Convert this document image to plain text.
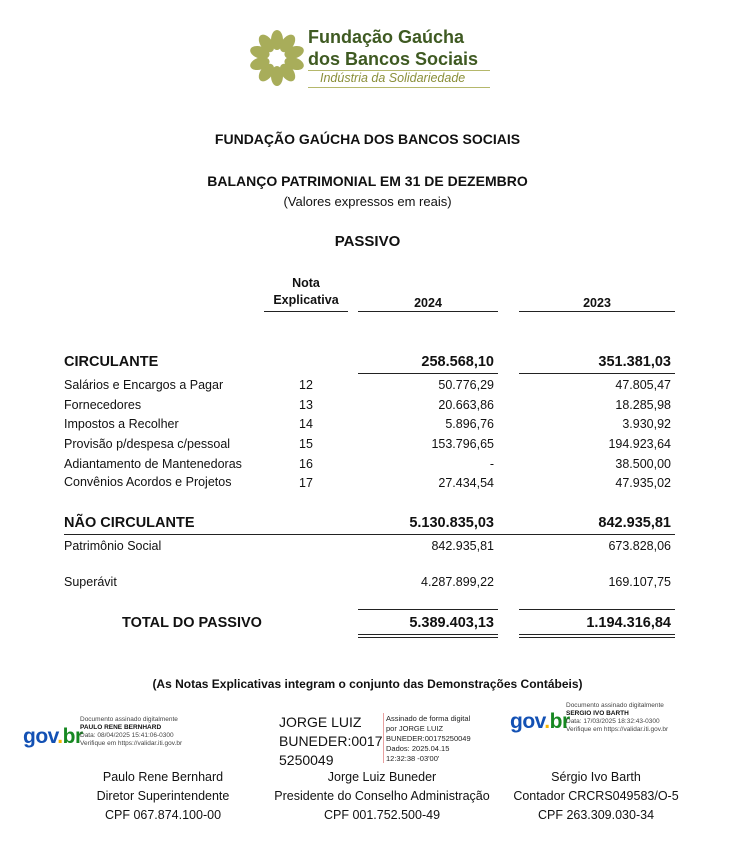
Fundação Gaúcha
dos Bancos Sociais
Indústria da Solidariedade
FUNDAÇÃO GAÚCHA DOS BANCOS SOCIAIS
BALANÇO PATRIMONIAL EM 31 DE DEZEMBRO
(Valores expressos em reais)
PASSIVO
Nota
Explicativa	2024	2023
CIRCULANTE	258.568,10	351.381,03
Salários e Encargos a Pagar	12	50.776,29	47.805,47
Fornecedores	13	20.663,86	18.285,98
Impostos a Recolher	14	5.896,76	3.930,92
Provisão p/despesa c/pessoal	15	153.796,65	194.923,64
Adiantamento de Mantenedoras	16	-	38.500,00
Convênios Acordos e Projetos	17	27.434,54	47.935,02
NÃO CIRCULANTE	5.130.835,03	842.935,81
Patrimônio Social	842.935,81	673.828,06
Superávit	4.287.899,22	169.107,75
TOTAL DO PASSIVO	5.389.403,13	1.194.316,84
(As Notas Explicativas integram o conjunto das Demonstrações Contábeis)
gov.br
Documento assinado digitalmente
PAULO RENE BERNHARD
Data: 08/04/2025 15:41:06-0300
Verifique em https://validar.iti.gov.br
JORGE LUIZ
BUNEDER:0017
5250049
Assinado de forma digital
por JORGE LUIZ
BUNEDER:00175250049
Dados: 2025.04.15
12:32:38 -03'00'
gov.br
Documento assinado digitalmente
SERGIO IVO BARTH
Data: 17/03/2025 18:32:43-0300
Verifique em https://validar.iti.gov.br
Paulo Rene Bernhard
Diretor Superintendente
CPF 067.874.100-00
Jorge Luiz Buneder
Presidente do Conselho Administração
CPF 001.752.500-49
Sérgio Ivo Barth
Contador CRCRS049583/O-5
CPF 263.309.030-34
